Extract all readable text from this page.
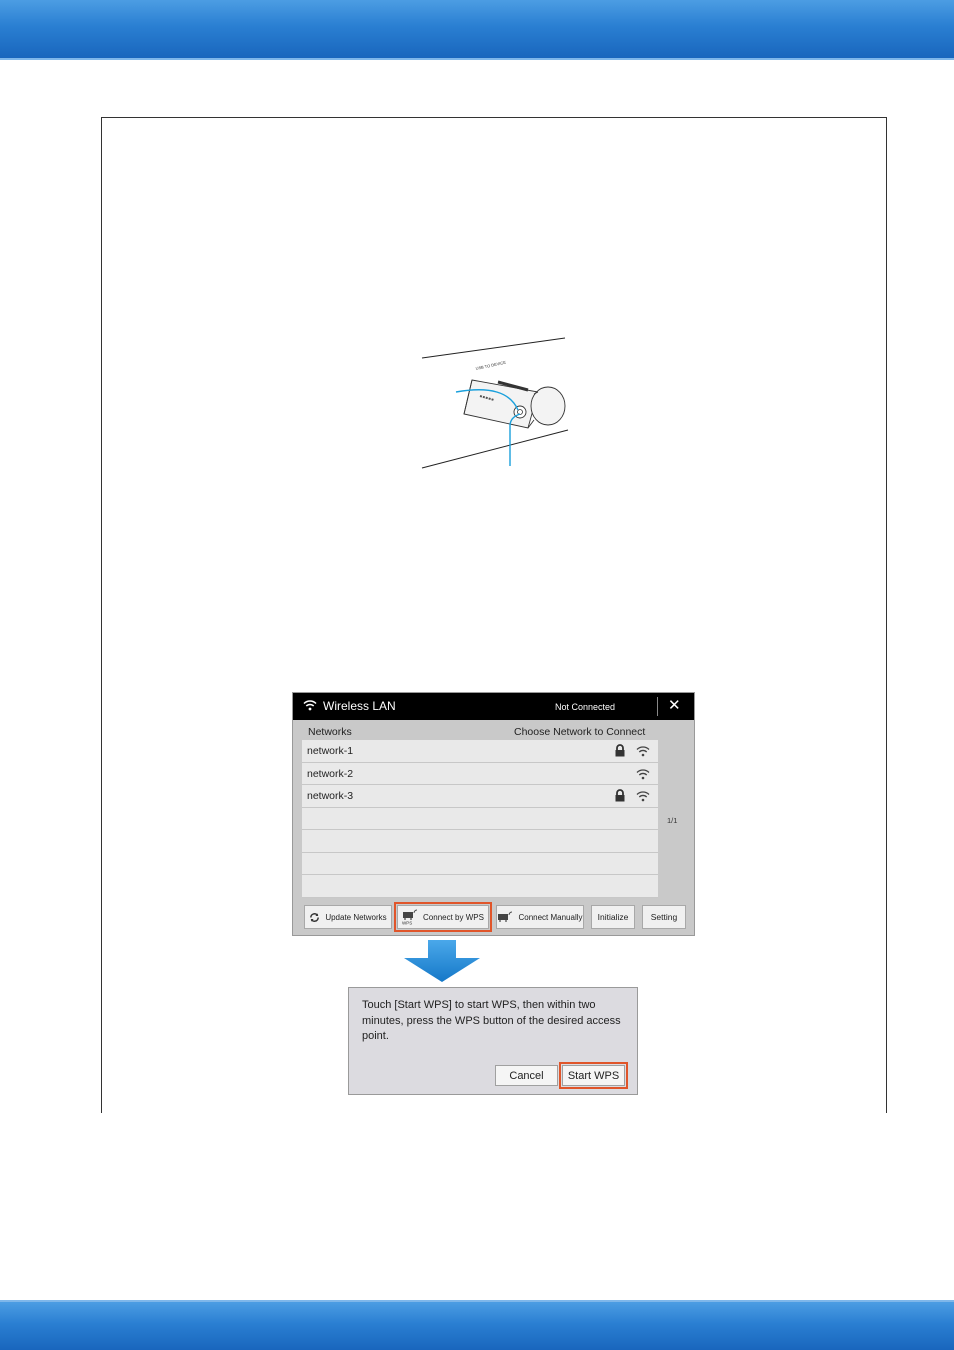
USB TO DEVICE
Wireless LAN	Not Connected	✕
Networks	Choose Network to Connect
network-1
network-2
network-3
1/1
Update Networks
WPS
Connect by WPS	Connect Manually Initialize	Setting

Touch [Start WPS] to start WPS, then within two minutes, press the WPS button of the desired access point.

Cancel Start WPS
